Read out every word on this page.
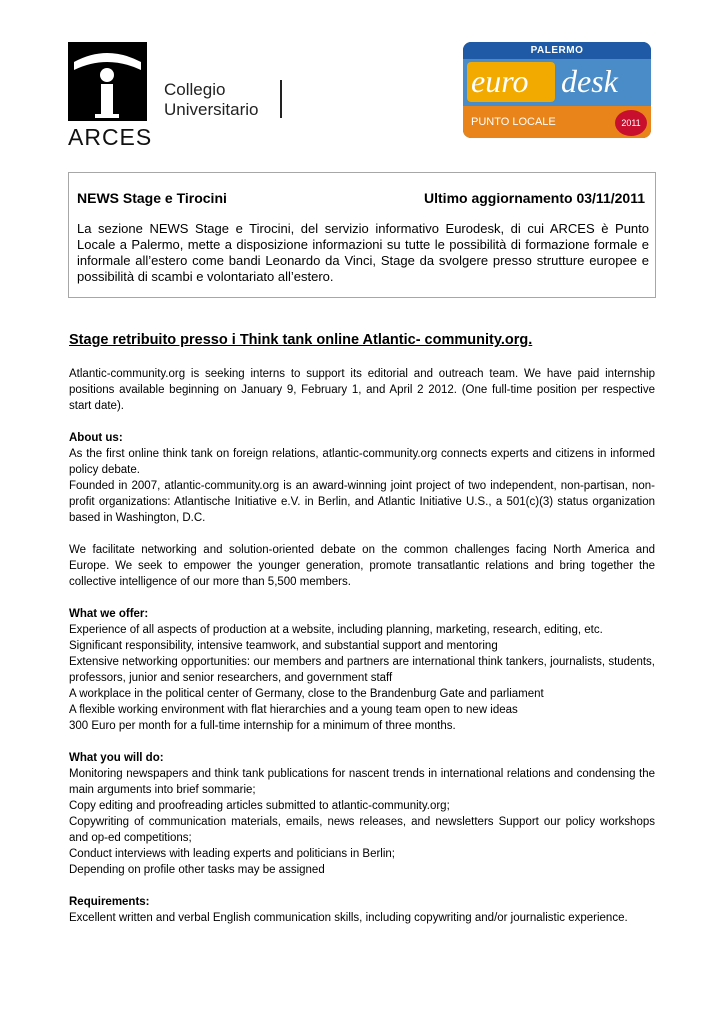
Collegio
Universitario
ARCES
PALERMO
euro	desk
PUNTO LOCALE	2011
NEWS Stage e Tirocini	Ultimo aggiornamento 03/11/2011
La sezione NEWS Stage e Tirocini, del servizio informativo Eurodesk, di cui ARCES è Punto Locale a Palermo, mette a disposizione informazioni su tutte le possibilità di formazione formale e informale all’estero come bandi Leonardo da Vinci, Stage da svolgere presso strutture europee e possibilità di scambi e volontariato all’estero.
Stage retribuito presso i Think tank online Atlantic- community.org.
Atlantic-community.org is seeking interns to support its editorial and outreach team. We have paid internship positions available beginning on January 9, February 1, and April 2 2012. (One full-time position per respective start date).
About us:
As the first online think tank on foreign relations, atlantic-community.org connects experts and citizens in informed policy debate.
Founded in 2007, atlantic-community.org is an award-winning joint project of two independent, non-partisan, non-profit organizations: Atlantische Initiative e.V. in Berlin, and Atlantic Initiative U.S., a 501(c)(3) status organization based in Washington, D.C.
We facilitate networking and solution-oriented debate on the common challenges facing North America and Europe. We seek to empower the younger generation, promote transatlantic relations and bring together the collective intelligence of our more than 5,500 members.
What we offer:

Experience of all aspects of production at a website, including planning, marketing, research, editing, etc.

Significant responsibility, intensive teamwork, and substantial support and mentoring

Extensive networking opportunities: our members and partners are international think tankers, journalists, students, professors, junior and senior researchers, and government staff

A workplace in the political center of Germany, close to the Brandenburg Gate and parliament

A flexible working environment with flat hierarchies and a young team open to new ideas

300 Euro per month for a full-time internship for a minimum of three months.

What you will do:

Monitoring newspapers and think tank publications for nascent trends in international relations and condensing the main arguments into brief sommarie;

Copy editing and proofreading articles submitted to atlantic-community.org;

Copywriting of communication materials, emails, news releases, and newsletters Support our policy workshops and op-ed competitions;

Conduct interviews with leading experts and politicians in Berlin;

Depending on profile other tasks may be assigned

Requirements:
Excellent written and verbal English communication skills, including copywriting and/or journalistic experience.
